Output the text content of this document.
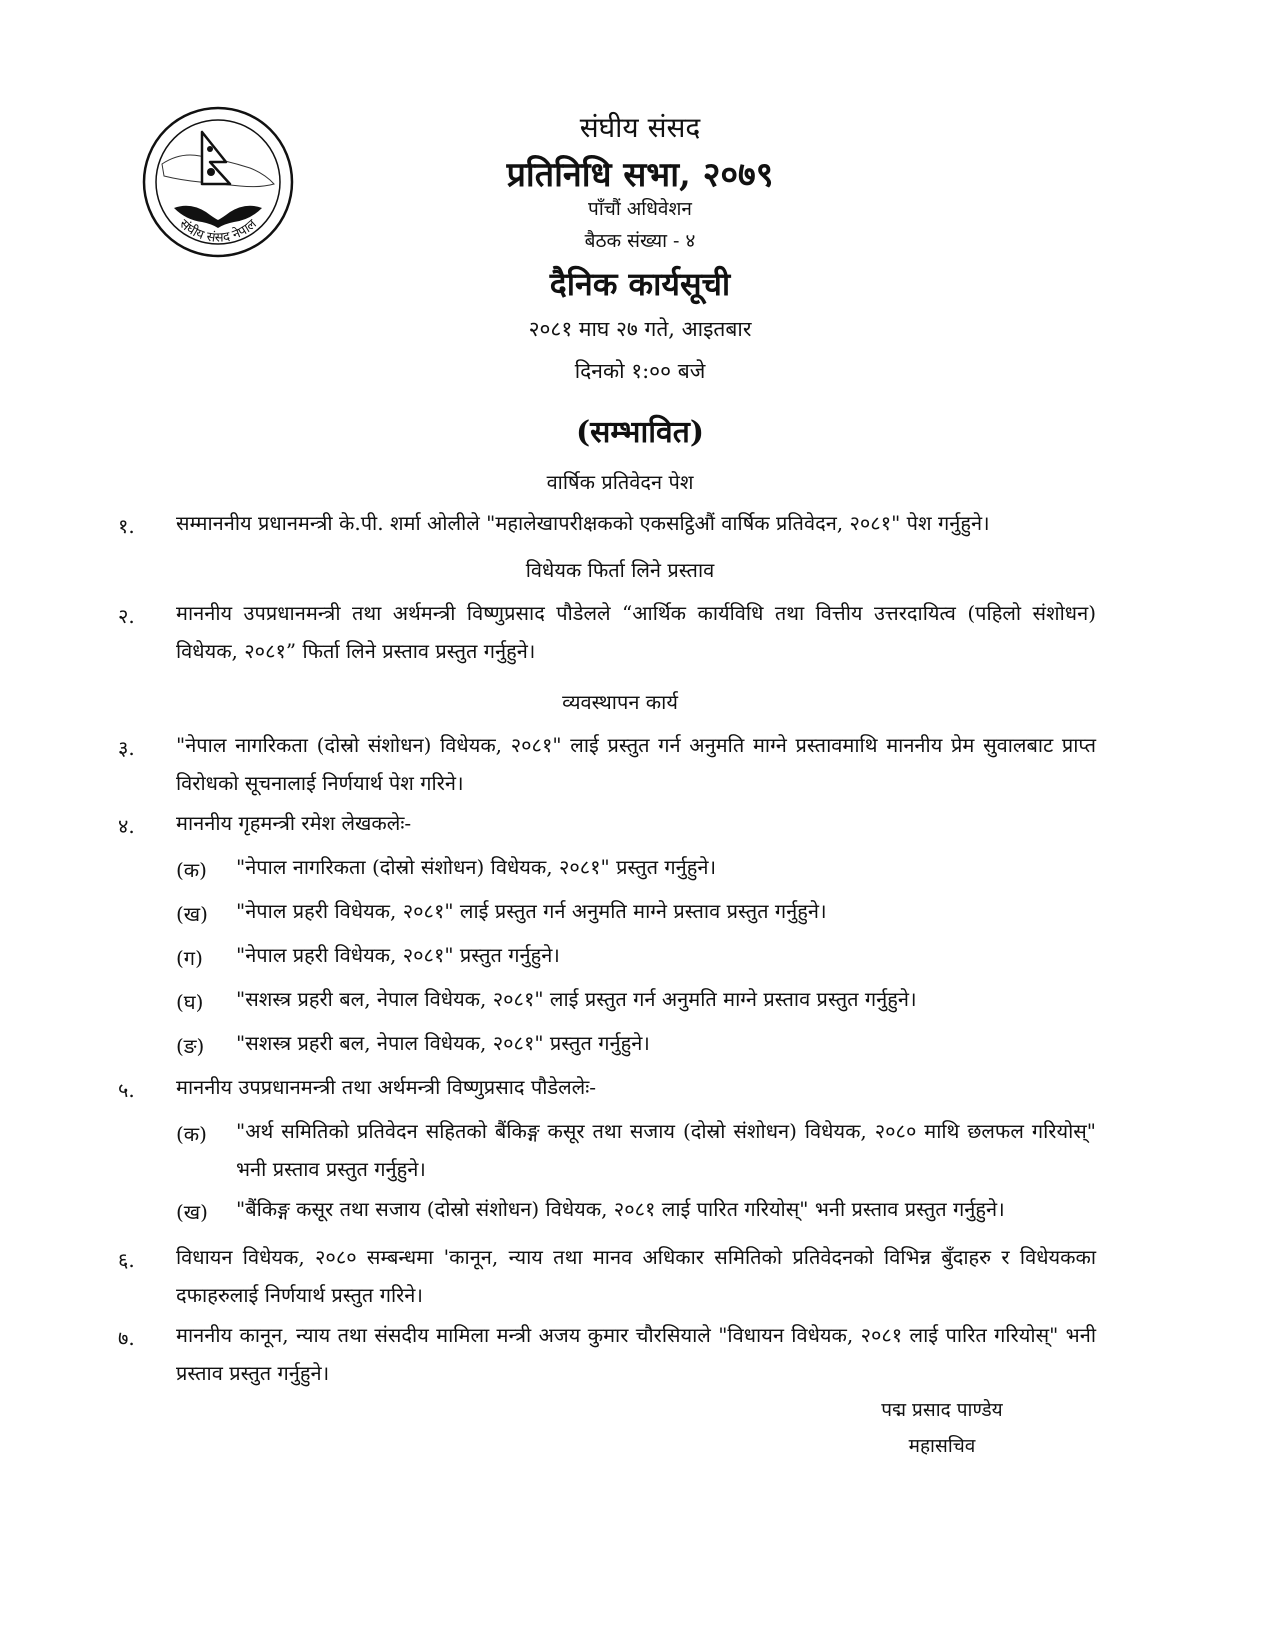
संघीय संसद नेपाल
संघीय संसद
प्रतिनिधि सभा, २०७९
पाँचौं अधिवेशन
बैठक संख्या - ४
दैनिक कार्यसूची
२०८१ माघ २७ गते, आइतबार
दिनको १:०० बजे
(सम्भावित)
वार्षिक प्रतिवेदन पेश
१. सम्माननीय प्रधानमन्त्री के.पी. शर्मा ओलीले "महालेखापरीक्षकको एकसट्ठिऔं वार्षिक प्रतिवेदन, २०८१" पेश गर्नुहुने।
विधेयक फिर्ता लिने प्रस्ताव
२. माननीय उपप्रधानमन्त्री तथा अर्थमन्त्री विष्णुप्रसाद पौडेलले “आर्थिक कार्यविधि तथा वित्तीय उत्तरदायित्व (पहिलो संशोधन) विधेयक, २०८१” फिर्ता लिने प्रस्ताव प्रस्तुत गर्नुहुने।
व्यवस्थापन कार्य
३. "नेपाल नागरिकता (दोस्रो संशोधन) विधेयक, २०८१" लाई प्रस्तुत गर्न अनुमति माग्ने प्रस्तावमाथि माननीय प्रेम सुवालबाट प्राप्त विरोधको सूचनालाई निर्णयार्थ पेश गरिने।
४. माननीय गृहमन्त्री रमेश लेखकलेः-
(क) "नेपाल नागरिकता (दोस्रो संशोधन) विधेयक, २०८१" प्रस्तुत गर्नुहुने।
(ख) "नेपाल प्रहरी विधेयक, २०८१" लाई प्रस्तुत गर्न अनुमति माग्ने प्रस्ताव प्रस्तुत गर्नुहुने।
(ग) "नेपाल प्रहरी विधेयक, २०८१" प्रस्तुत गर्नुहुने।
(घ) "सशस्त्र प्रहरी बल, नेपाल विधेयक, २०८१" लाई प्रस्तुत गर्न अनुमति माग्ने प्रस्ताव प्रस्तुत गर्नुहुने।
(ङ) "सशस्त्र प्रहरी बल, नेपाल विधेयक, २०८१" प्रस्तुत गर्नुहुने।
५. माननीय उपप्रधानमन्त्री तथा अर्थमन्त्री विष्णुप्रसाद पौडेललेः-
(क) "अर्थ समितिको प्रतिवेदन सहितको बैंकिङ्ग कसूर तथा सजाय (दोस्रो संशोधन) विधेयक, २०८० माथि छलफल गरियोस्" भनी प्रस्ताव प्रस्तुत गर्नुहुने।
(ख) "बैंकिङ्ग कसूर तथा सजाय (दोस्रो संशोधन) विधेयक, २०८१ लाई पारित गरियोस्" भनी प्रस्ताव प्रस्तुत गर्नुहुने।
६. विधायन विधेयक, २०८० सम्बन्धमा 'कानून, न्याय तथा मानव अधिकार समितिको प्रतिवेदनको विभिन्न बुँदाहरु र विधेयकका दफाहरुलाई निर्णयार्थ प्रस्तुत गरिने।
७. माननीय कानून, न्याय तथा संसदीय मामिला मन्त्री अजय कुमार चौरसियाले "विधायन विधेयक, २०८१ लाई पारित गरियोस्" भनी प्रस्ताव प्रस्तुत गर्नुहुने।
पद्म प्रसाद पाण्डेय
महासचिव
